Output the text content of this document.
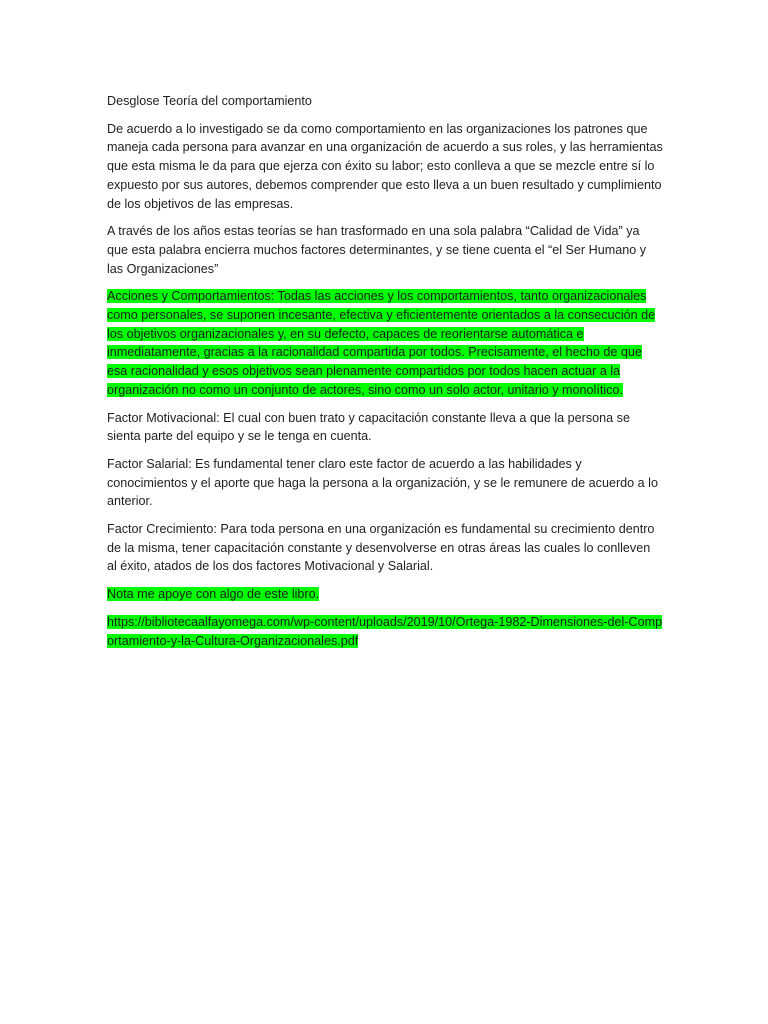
Desglose Teoría del comportamiento

De acuerdo a lo investigado se da como comportamiento en las organizaciones los patrones que maneja cada persona para avanzar en una organización de acuerdo a sus roles, y las herramientas que esta misma le da para que ejerza con éxito su labor; esto conlleva a que se mezcle entre sí lo expuesto por sus autores, debemos comprender que esto lleva a un buen resultado y cumplimiento de los objetivos de las empresas.

A través de los años estas teorías se han trasformado en una sola palabra “Calidad de Vida” ya que esta palabra encierra muchos factores determinantes, y se tiene cuenta el “el Ser Humano y las Organizaciones”

Acciones y Comportamientos: Todas las acciones y los comportamientos, tanto organizacionales como personales, se suponen incesante, efectiva y eficientemente orientados a la consecución de los objetivos organizacionales y, en su defecto, capaces de reorientarse automática e inmediatamente, gracias a la racionalidad compartida por todos. Precisamente, el hecho de que esa racionalidad y esos objetivos sean plenamente compartidos por todos hacen actuar a la organización no como un conjunto de actores, sino como un solo actor, unitario y monolítico.

Factor Motivacional: El cual con buen trato y capacitación constante lleva a que la persona se sienta parte del equipo y se le tenga en cuenta.

Factor Salarial: Es fundamental tener claro este factor de acuerdo a las habilidades y conocimientos y el aporte que haga la persona a la organización, y se le remunere de acuerdo a lo anterior.

Factor Crecimiento: Para toda persona en una organización es fundamental su crecimiento dentro de la misma, tener capacitación constante y desenvolverse en otras áreas las cuales lo conlleven al éxito, atados de los dos factores Motivacional y Salarial.

Nota me apoye con algo de este libro.

https://bibliotecaalfayomega.com/wp-content/uploads/2019/10/Ortega-1982-Dimensiones-del-Comportamiento-y-la-Cultura-Organizacionales.pdf
